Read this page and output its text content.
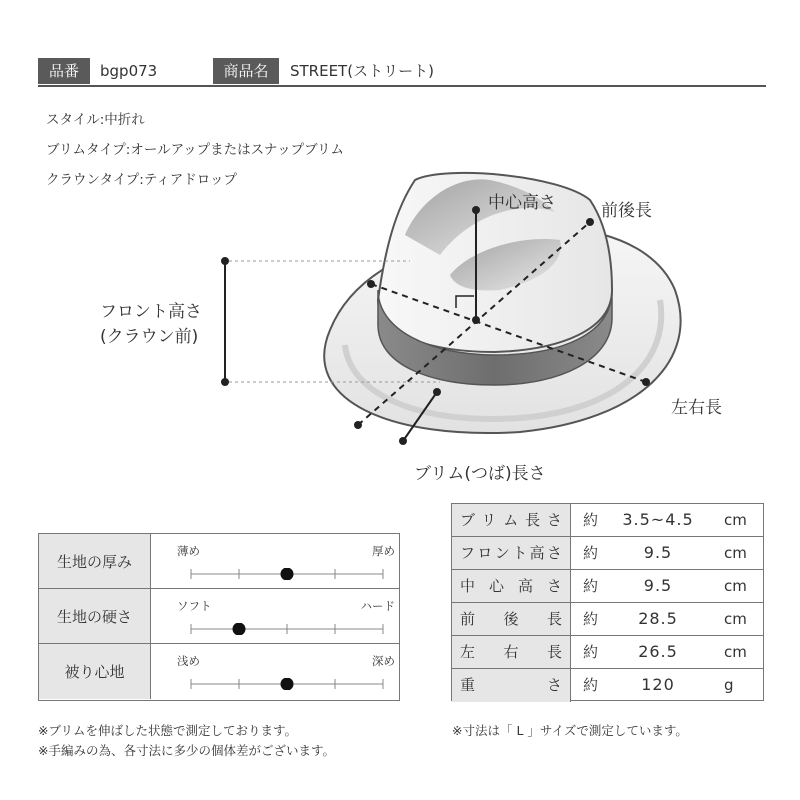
品番	bgp073	商品名	STREET(ストリート)
スタイル:中折れ
ブリムタイプ:オールアップまたはスナップブリム
クラウンタイプ:ティアドロップ
中心高さ	前後長
フロント高さ
(クラウン前)
左右長
ブリム(つば)長さ
生地の厚み
薄め	厚め
生地の硬さ
ソフト	ハード
被り心地
浅め	深め
ブリム長さ	約	3.5~4.5	cm
フロント高さ	約	9.5	cm
中心高さ	約	9.5	cm
前後長	約	28.5	cm
左右長	約	26.5	cm
重さ	約	120	g
※ブリムを伸ばした状態で測定しております。
※手編みの為、各寸法に多少の個体差がございます。
※寸法は「 L 」サイズで測定しています。
